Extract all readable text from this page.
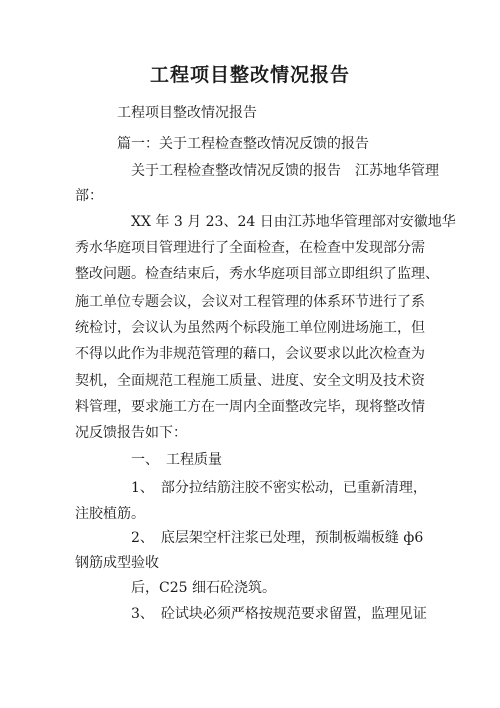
工程项目整改情况报告
工程项目整改情况报告
篇一：关于工程检查整改情况反馈的报告
关于工程检查整改情况反馈的报告　江苏地华管理
部：
XX 年 3 月 23、24 日由江苏地华管理部对安徽地华
秀水华庭项目管理进行了全面检查，在检查中发现部分需
整改问题。检查结束后，秀水华庭项目部立即组织了监理、
施工单位专题会议，会议对工程管理的体系环节进行了系
统检讨，会议认为虽然两个标段施工单位刚进场施工，但
不得以此作为非规范管理的藉口，会议要求以此次检查为
契机，全面规范工程施工质量、进度、安全文明及技术资
料管理，要求施工方在一周内全面整改完毕，现将整改情
况反馈报告如下：
一、　工程质量
1、　部分拉结筋注胶不密实松动，已重新清理，
注胶植筋。
2、　底层架空杆注浆已处理，预制板端板缝 ф6
钢筋成型验收
后，C25 细石砼浇筑。
3、　砼试块必须严格按规范要求留置，监理见证
